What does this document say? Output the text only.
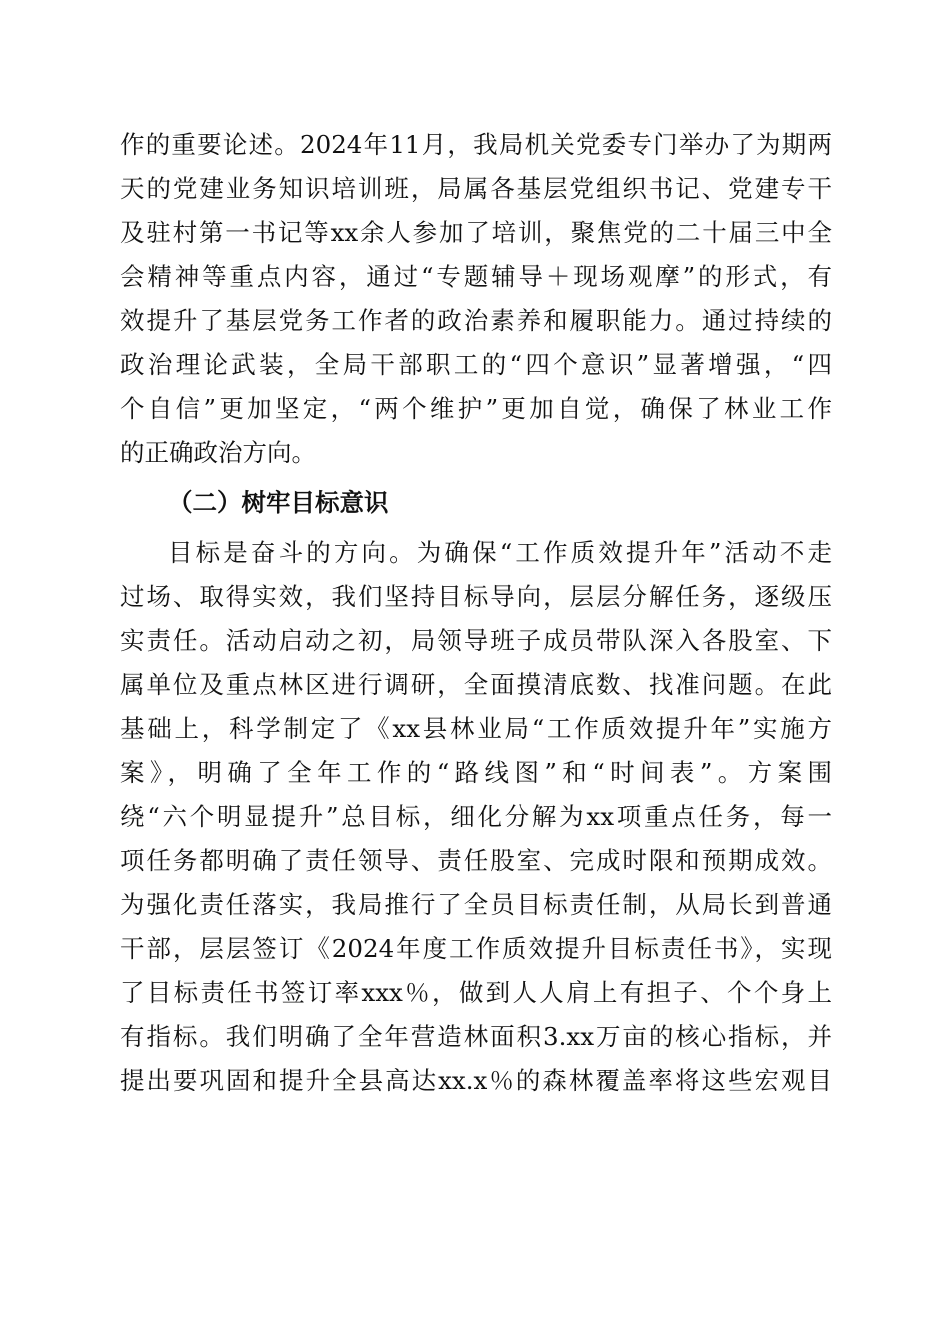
作的重要论述。2024年11月，我局机关党委专门举办了为期两
天的党建业务知识培训班，局属各基层党组织书记、党建专干
及驻村第一书记等xx余人参加了培训，聚焦党的二十届三中全
会精神等重点内容，通过“专题辅导＋现场观摩”的形式，有
效提升了基层党务工作者的政治素养和履职能力。通过持续的
政治理论武装，全局干部职工的“四个意识”显著增强，“四
个自信”更加坚定，“两个维护”更加自觉，确保了林业工作
的正确政治方向。
（二）树牢目标意识
目标是奋斗的方向。为确保“工作质效提升年”活动不走
过场、取得实效，我们坚持目标导向，层层分解任务，逐级压
实责任。活动启动之初，局领导班子成员带队深入各股室、下
属单位及重点林区进行调研，全面摸清底数、找准问题。在此
基础上，科学制定了《xx县林业局“工作质效提升年”实施方
案》，明确了全年工作的“路线图”和“时间表”。方案围
绕“六个明显提升”总目标，细化分解为xx项重点任务，每一
项任务都明确了责任领导、责任股室、完成时限和预期成效。
为强化责任落实，我局推行了全员目标责任制，从局长到普通
干部，层层签订《2024年度工作质效提升目标责任书》，实现
了目标责任书签订率xxx％，做到人人肩上有担子、个个身上
有指标。我们明确了全年营造林面积3.xx万亩的核心指标，并
提出要巩固和提升全县高达xx.x％的森林覆盖率将这些宏观目
